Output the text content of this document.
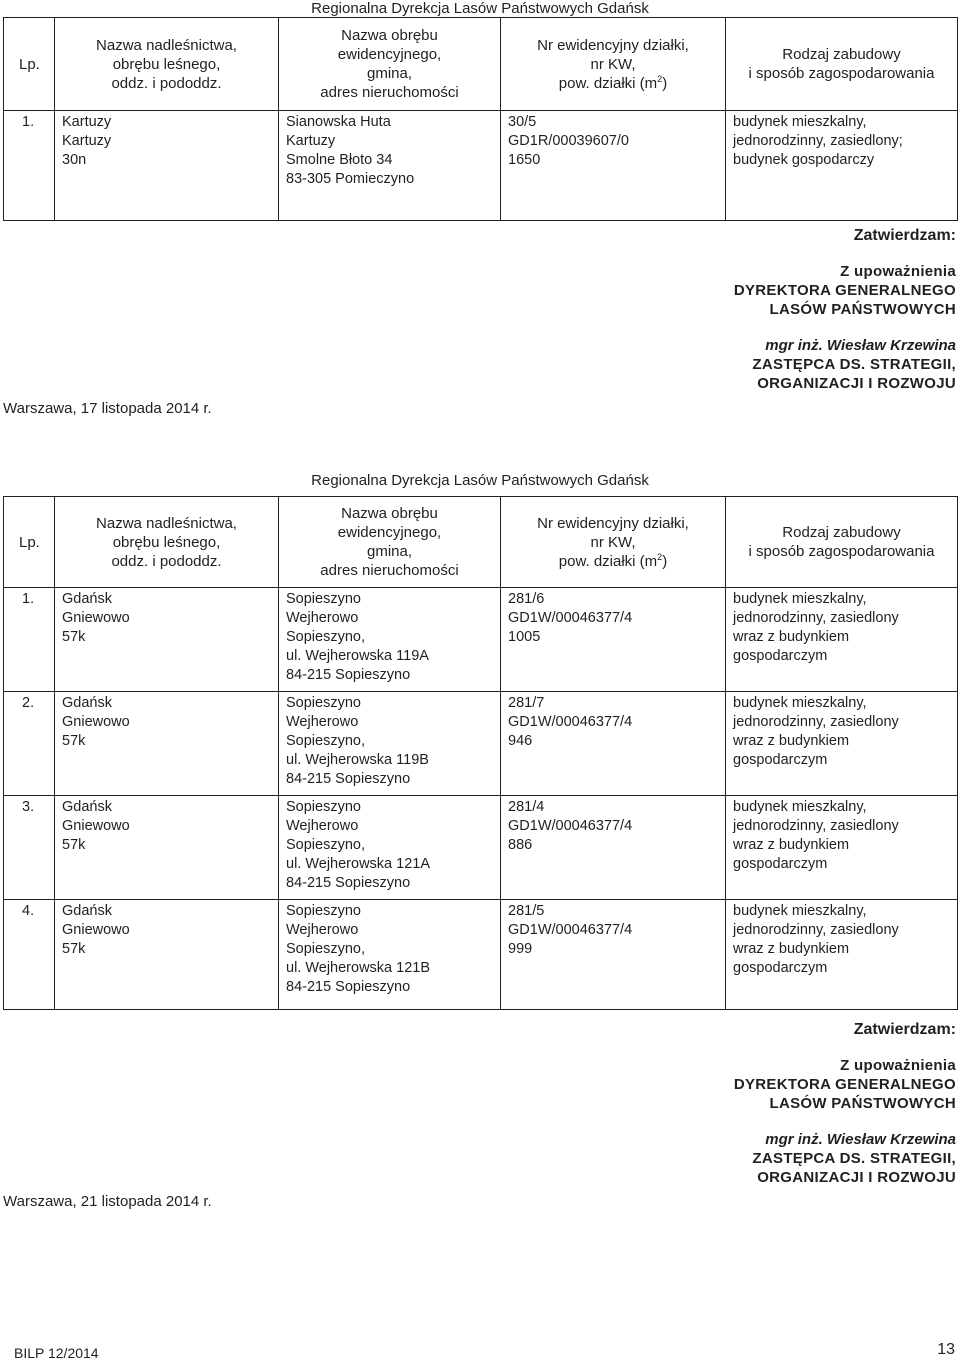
Regionalna Dyrekcja Lasów Państwowych Gdańsk
Lp.	Nazwa nadleśnictwa,
obrębu leśnego,
oddz. i pododdz.	Nazwa obrębu
ewidencyjnego,
gmina,
adres nieruchomości	Nr ewidencyjny działki,
nr KW,
pow. działki $(m^2)$	Rodzaj zabudowy
i sposób zagospodarowania

1.	Kartuzy
Kartuzy
30n	Sianowska Huta
Kartuzy
Smolne Błoto 34
83-305 Pomieczyno	30/5
GD1R/00039607/0
1650	budynek mieszkalny,
jednorodzinny, zasiedlony;
budynek gospodarczy
Zatwierdzam:
Z upoważnienia
DYREKTORA GENERALNEGO
LASÓW PAŃSTWOWYCH
mgr inż. Wiesław Krzewina
ZASTĘPCA DS. STRATEGII,
ORGANIZACJI I ROZWOJU
Warszawa, 17 listopada 2014 r.
Regionalna Dyrekcja Lasów Państwowych Gdańsk
Lp.	Nazwa nadleśnictwa,
obrębu leśnego,
oddz. i pododdz.	Nazwa obrębu
ewidencyjnego,
gmina,
adres nieruchomości	Nr ewidencyjny działki,
nr KW,
pow. działki $(m^2)$	Rodzaj zabudowy
i sposób zagospodarowania

1.	Gdańsk
Gniewowo
57k	Sopieszyno
Wejherowo
Sopieszyno,
ul. Wejherowska 119A
84-215 Sopieszyno	281/6
GD1W/00046377/4
1005	budynek mieszkalny,
jednorodzinny, zasiedlony
wraz z budynkiem
gospodarczym

2.	Gdańsk
Gniewowo
57k	Sopieszyno
Wejherowo
Sopieszyno,
ul. Wejherowska 119B
84-215 Sopieszyno	281/7
GD1W/00046377/4
946	budynek mieszkalny,
jednorodzinny, zasiedlony
wraz z budynkiem
gospodarczym

3.	Gdańsk
Gniewowo
57k	Sopieszyno
Wejherowo
Sopieszyno,
ul. Wejherowska 121A
84-215 Sopieszyno	281/4
GD1W/00046377/4
886	budynek mieszkalny,
jednorodzinny, zasiedlony
wraz z budynkiem
gospodarczym

4.	Gdańsk
Gniewowo
57k	Sopieszyno
Wejherowo
Sopieszyno,
ul. Wejherowska 121B
84-215 Sopieszyno	281/5
GD1W/00046377/4
999	budynek mieszkalny,
jednorodzinny, zasiedlony
wraz z budynkiem
gospodarczym
Zatwierdzam:
Z upoważnienia
DYREKTORA GENERALNEGO
LASÓW PAŃSTWOWYCH
mgr inż. Wiesław Krzewina
ZASTĘPCA DS. STRATEGII,
ORGANIZACJI I ROZWOJU
Warszawa, 21 listopada 2014 r.
BILP 12/2014	13
